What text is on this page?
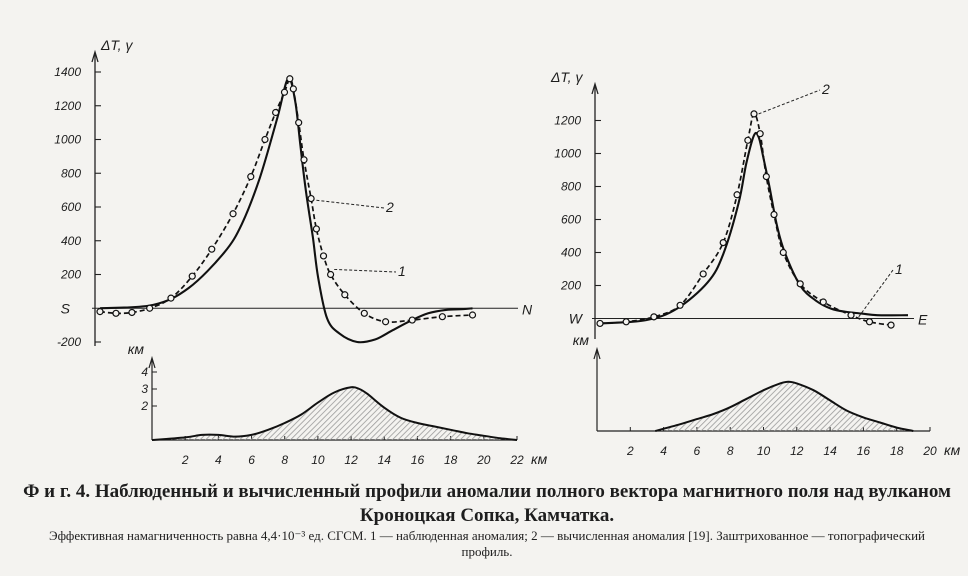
ΔT, γ
S	N
-200
200
400
600
800
1000
1200
1400
2
1
ΔT, γ
W	E
200
400
600
800
1000
1200
2
1
км
2
3
4
2 4 6 8 10 12 14 16 18 20 22 км
км
2 4 6 8 10 12 14 16 18 20 км
Ф и г. 4. Наблюденный и вычисленный профили аномалии полного вектора магнитного поля над вулканом Кроноцкая Сопка, Камчатка.
Эффективная намагниченность равна 4,4·10⁻³ ед. СГСМ. 1 — наблюденная аномалия; 2 — вычисленная аномалия [19]. Заштрихованное — топографический профиль.
